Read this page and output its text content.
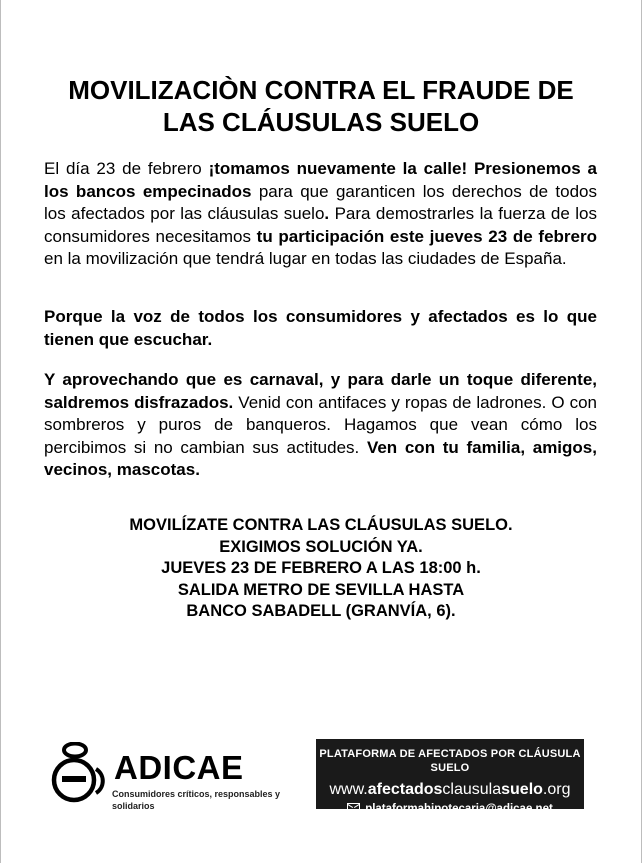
MOVILIZACIÒN CONTRA EL FRAUDE DE
LAS CLÁUSULAS SUELO

El día 23 de febrero ¡tomamos nuevamente la calle! Presionemos a los bancos empecinados para que garanticen los derechos de todos los afectados por las cláusulas suelo. Para demostrarles la fuerza de los consumidores necesitamos tu participación este jueves 23 de febrero en la movilización que tendrá lugar en todas las ciudades de España.

Porque la voz de todos los consumidores y afectados es lo que tienen que escuchar.

Y aprovechando que es carnaval, y para darle un toque diferente, saldremos disfrazados. Venid con antifaces y ropas de ladrones. O con sombreros y puros de banqueros. Hagamos que vean cómo los percibimos si no cambian sus actitudes. Ven con tu familia, amigos, vecinos, mascotas.

MOVILÍZATE CONTRA LAS CLÁUSULAS SUELO.
EXIGIMOS SOLUCIÓN YA.
JUEVES 23 DE FEBRERO A LAS 18:00 h.
SALIDA METRO DE SEVILLA HASTA
BANCO SABADELL (GRANVÍA, 6).
ADICAE
Consumidores críticos, responsables y solidarios
PLATAFORMA DE AFECTADOS POR CLÁUSULA SUELO
www.afectadosclausulasuelo.org
plataformahipotecaria@adicae.net
